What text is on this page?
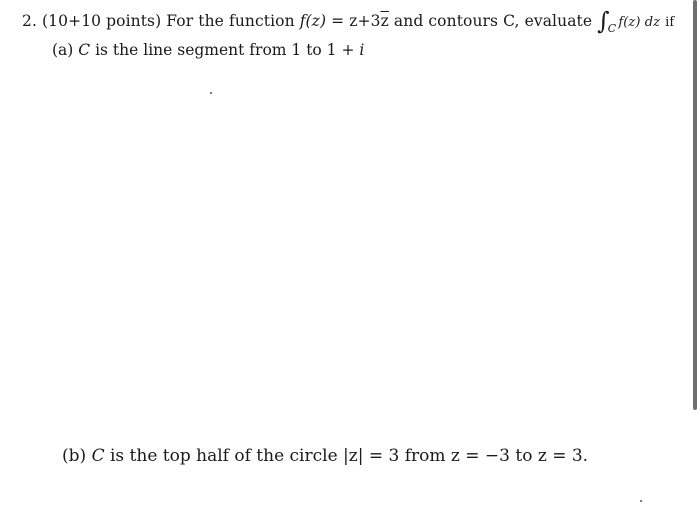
2. (10+10 points) For the function $f(z) = z+3\overline{z}$ and contours C, evaluate $\int_C$ f(z) dz if
(a) C is the line segment from 1 to 1 + i
(b) C is the top half of the circle |z| = 3 from z = −3 to z = 3.
